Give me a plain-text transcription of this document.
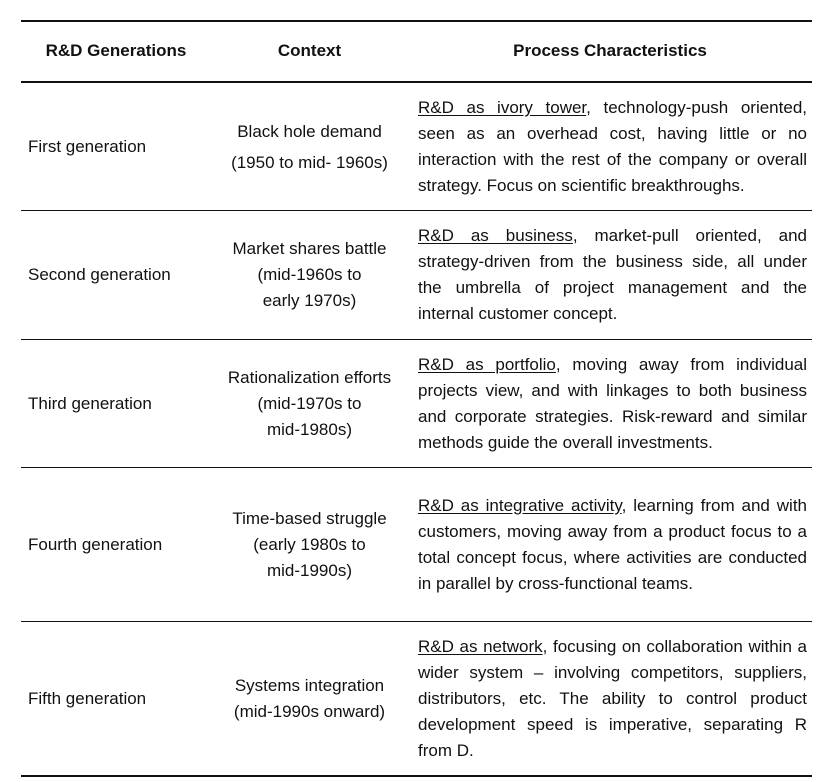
R&D Generations	Context	Process Characteristics
First generation
Black hole demand
(1950 to mid- 1960s)
R&D as ivory tower, technology-push oriented, seen as an overhead cost, having little or no interaction with the rest of the company or overall strategy. Focus on scientific breakthroughs.
Second generation
Market shares battle
(mid-1960s to
early 1970s)
R&D as business, market-pull oriented, and strategy-driven from the business side, all under the umbrella of project management and the internal customer concept.
Third generation
Rationalization efforts
(mid-1970s to
mid-1980s)
R&D as portfolio, moving away from individual projects view, and with linkages to both business and corporate strategies. Risk-reward and similar methods guide the overall investments.
Fourth generation
Time-based struggle
(early 1980s to
mid-1990s)
R&D as integrative activity, learning from and with customers, moving away from a product focus to a total concept focus, where activities are conducted in parallel by cross-functional teams.
Fifth generation
Systems integration
(mid-1990s onward)
R&D as network, focusing on collaboration within a wider system – involving competitors, suppliers, distributors, etc. The ability to control product development speed is imperative, separating R from D.
